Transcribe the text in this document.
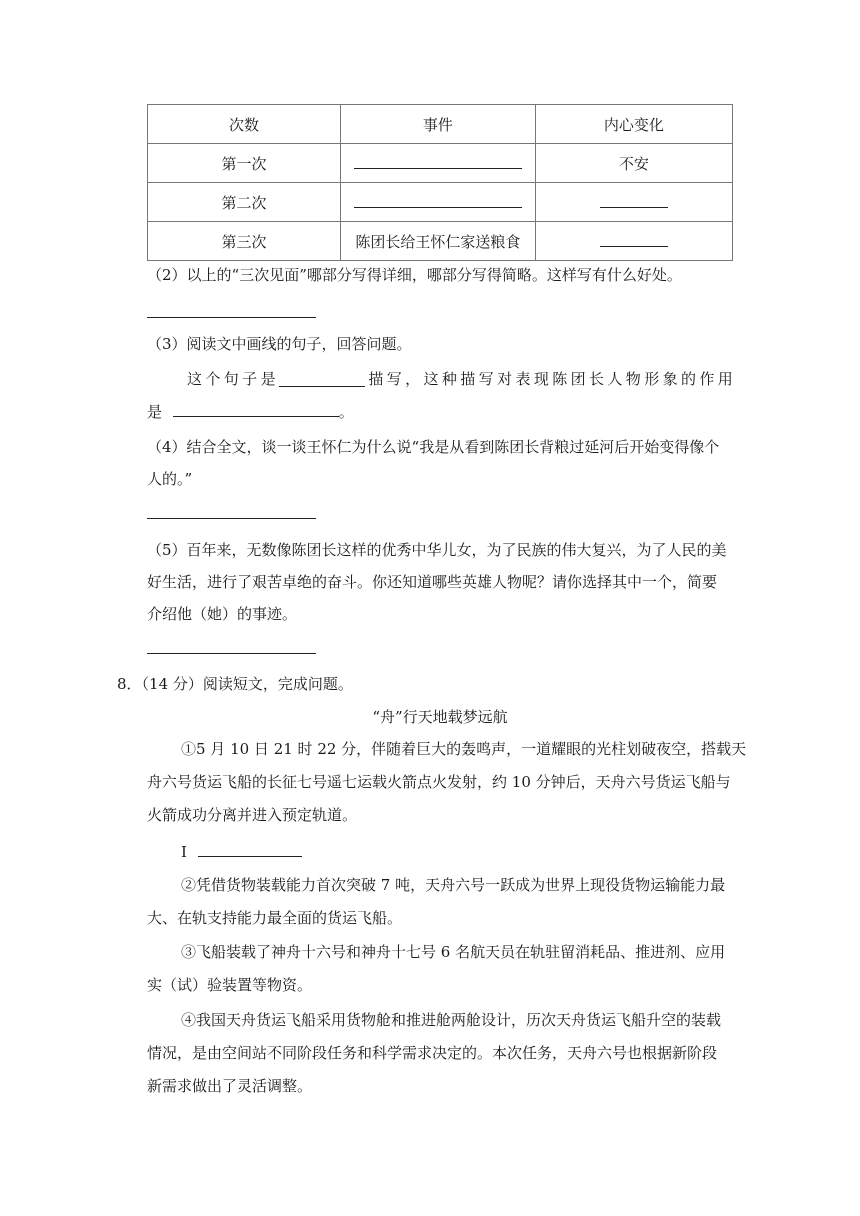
次数	事件	内心变化
第一次		不安
第二次		
第三次	陈团长给王怀仁家送粮食	
（2）以上的“三次见面”哪部分写得详细，哪部分写得简略。这样写有什么好处。
（3）阅读文中画线的句子，回答问题。
这 个 句 子 是	描 写 ， 这 种 描 写 对 表 现 陈 团 长 人 物 形 象 的 作 用
是	。
（4）结合全文，谈一谈王怀仁为什么说“我是从看到陈团长背粮过延河后开始变得像个
人的。”
（5）百年来，无数像陈团长这样的优秀中华儿女，为了民族的伟大复兴，为了人民的美
好生活，进行了艰苦卓绝的奋斗。你还知道哪些英雄人物呢？请你选择其中一个，简要
介绍他（她）的事迹。
8．（14 分）阅读短文，完成问题。
“舟”行天地载梦远航
①5 月 10 日 21 时 22 分，伴随着巨大的轰鸣声，一道耀眼的光柱划破夜空，搭载天
舟六号货运飞船的长征七号遥七运载火箭点火发射，约 10 分钟后，天舟六号货运飞船与
火箭成功分离并进入预定轨道。
I
②凭借货物装载能力首次突破 7 吨，天舟六号一跃成为世界上现役货物运输能力最
大、在轨支持能力最全面的货运飞船。
③飞船装载了神舟十六号和神舟十七号 6 名航天员在轨驻留消耗品、推进剂、应用
实（试）验装置等物资。
④我国天舟货运飞船采用货物舱和推进舱两舱设计，历次天舟货运飞船升空的装载
情况，是由空间站不同阶段任务和科学需求决定的。本次任务，天舟六号也根据新阶段
新需求做出了灵活调整。
